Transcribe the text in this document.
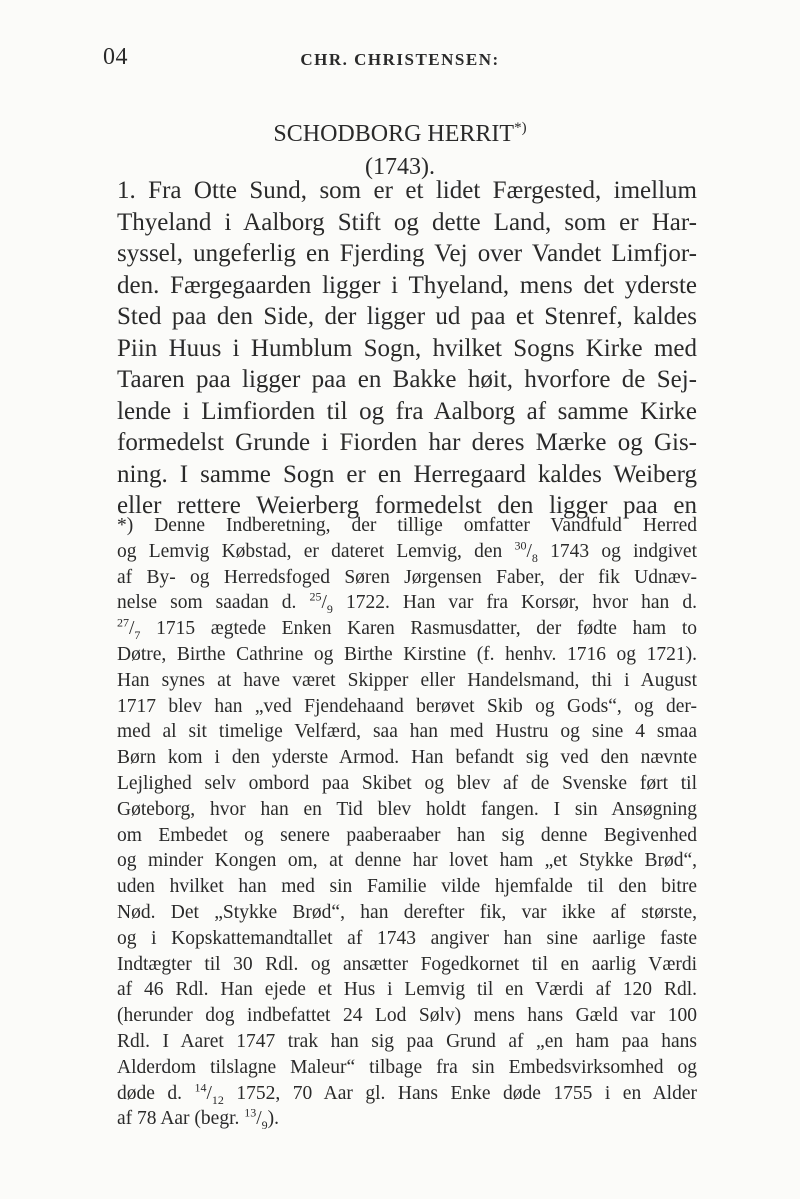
04	CHR. CHRISTENSEN:
SCHODBORG HERRIT*)
(1743).
1. Fra Otte Sund, som er et lidet Færgested, imellum
Thyeland i Aalborg Stift og dette Land, som er Har-
syssel, ungeferlig en Fjerding Vej over Vandet Limfjor-
den. Færgegaarden ligger i Thyeland, mens det yderste
Sted paa den Side, der ligger ud paa et Stenref, kaldes
Piin Huus i Humblum Sogn, hvilket Sogns Kirke med
Taaren paa ligger paa en Bakke høit, hvorfore de Sej-
lende i Limfiorden til og fra Aalborg af samme Kirke
formedelst Grunde i Fiorden har deres Mærke og Gis-
ning. I samme Sogn er en Herregaard kaldes Weiberg
eller rettere Weierberg formedelst den ligger paa en
*) Denne Indberetning, der tillige omfatter Vandfuld Herred
og Lemvig Købstad, er dateret Lemvig, den $^{30}/_8$ 1743 og indgivet
af By- og Herredsfoged Søren Jørgensen Faber, der fik Udnæv-
nelse som saadan d. $^{25}/_9$ 1722. Han var fra Korsør, hvor han d.
$^{27}/_7$ 1715 ægtede Enken Karen Rasmusdatter, der fødte ham to
Døtre, Birthe Cathrine og Birthe Kirstine (f. henhv. 1716 og 1721).
Han synes at have været Skipper eller Handelsmand, thi i August
1717 blev han „ved Fjendehaand berøvet Skib og Gods“, og der-
med al sit timelige Velfærd, saa han med Hustru og sine 4 smaa
Børn kom i den yderste Armod. Han befandt sig ved den nævnte
Lejlighed selv ombord paa Skibet og blev af de Svenske ført til
Gøteborg, hvor han en Tid blev holdt fangen. I sin Ansøgning
om Embedet og senere paaberaaber han sig denne Begivenhed
og minder Kongen om, at denne har lovet ham „et Stykke Brød“,
uden hvilket han med sin Familie vilde hjemfalde til den bitre
Nød. Det „Stykke Brød“, han derefter fik, var ikke af største,
og i Kopskattemandtallet af 1743 angiver han sine aarlige faste
Indtægter til 30 Rdl. og ansætter Fogedkornet til en aarlig Værdi
af 46 Rdl. Han ejede et Hus i Lemvig til en Værdi af 120 Rdl.
(herunder dog indbefattet 24 Lod Sølv) mens hans Gæld var 100
Rdl. I Aaret 1747 trak han sig paa Grund af „en ham paa hans
Alderdom tilslagne Maleur“ tilbage fra sin Embedsvirksomhed og
døde d. $^{14}/_{12}$ 1752, 70 Aar gl. Hans Enke døde 1755 i en Alder
af 78 Aar (begr. $^{13}/_9$).
